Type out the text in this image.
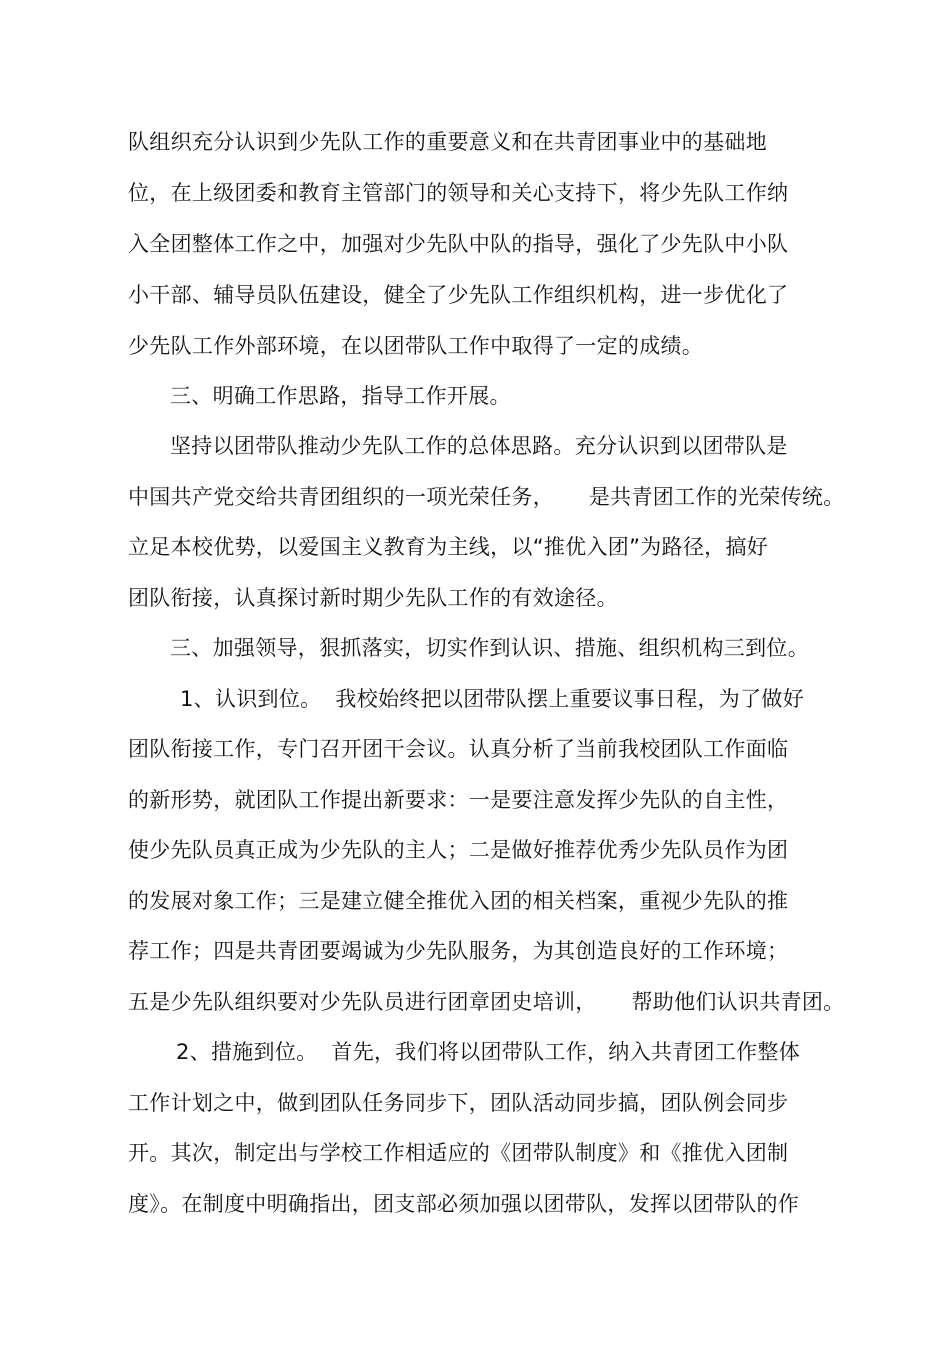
队组织充分认识到少先队工作的重要意义和在共青团事业中的基础地

位，在上级团委和教育主管部门的领导和关心支持下，将少先队工作纳

入全团整体工作之中，加强对少先队中队的指导，强化了少先队中小队

小干部、辅导员队伍建设，健全了少先队工作组织机构，进一步优化了

少先队工作外部环境，在以团带队工作中取得了一定的成绩。

三、明确工作思路，指导工作开展。

坚持以团带队推动少先队工作的总体思路。充分认识到以团带队是

中国共产党交给共青团组织的一项光荣任务，     是共青团工作的光荣传统。

立足本校优势，以爱国主义教育为主线，以“推优入团”为路径，搞好

团队衔接，认真探讨新时期少先队工作的有效途径。

三、加强领导，狠抓落实，切实作到认识、措施、组织机构三到位。

1、认识到位。  我校始终把以团带队摆上重要议事日程，为了做好

团队衔接工作，专门召开团干会议。认真分析了当前我校团队工作面临

的新形势，就团队工作提出新要求：一是要注意发挥少先队的自主性，

使少先队员真正成为少先队的主人；二是做好推荐优秀少先队员作为团

的发展对象工作；三是建立健全推优入团的相关档案，重视少先队的推

荐工作；四是共青团要竭诚为少先队服务，为其创造良好的工作环境；

五是少先队组织要对少先队员进行团章团史培训，     帮助他们认识共青团。

2、措施到位。  首先，我们将以团带队工作，纳入共青团工作整体

工作计划之中，做到团队任务同步下，团队活动同步搞，团队例会同步

开。其次，制定出与学校工作相适应的《团带队制度》和《推优入团制

度》。在制度中明确指出，团支部必须加强以团带队，发挥以团带队的作
